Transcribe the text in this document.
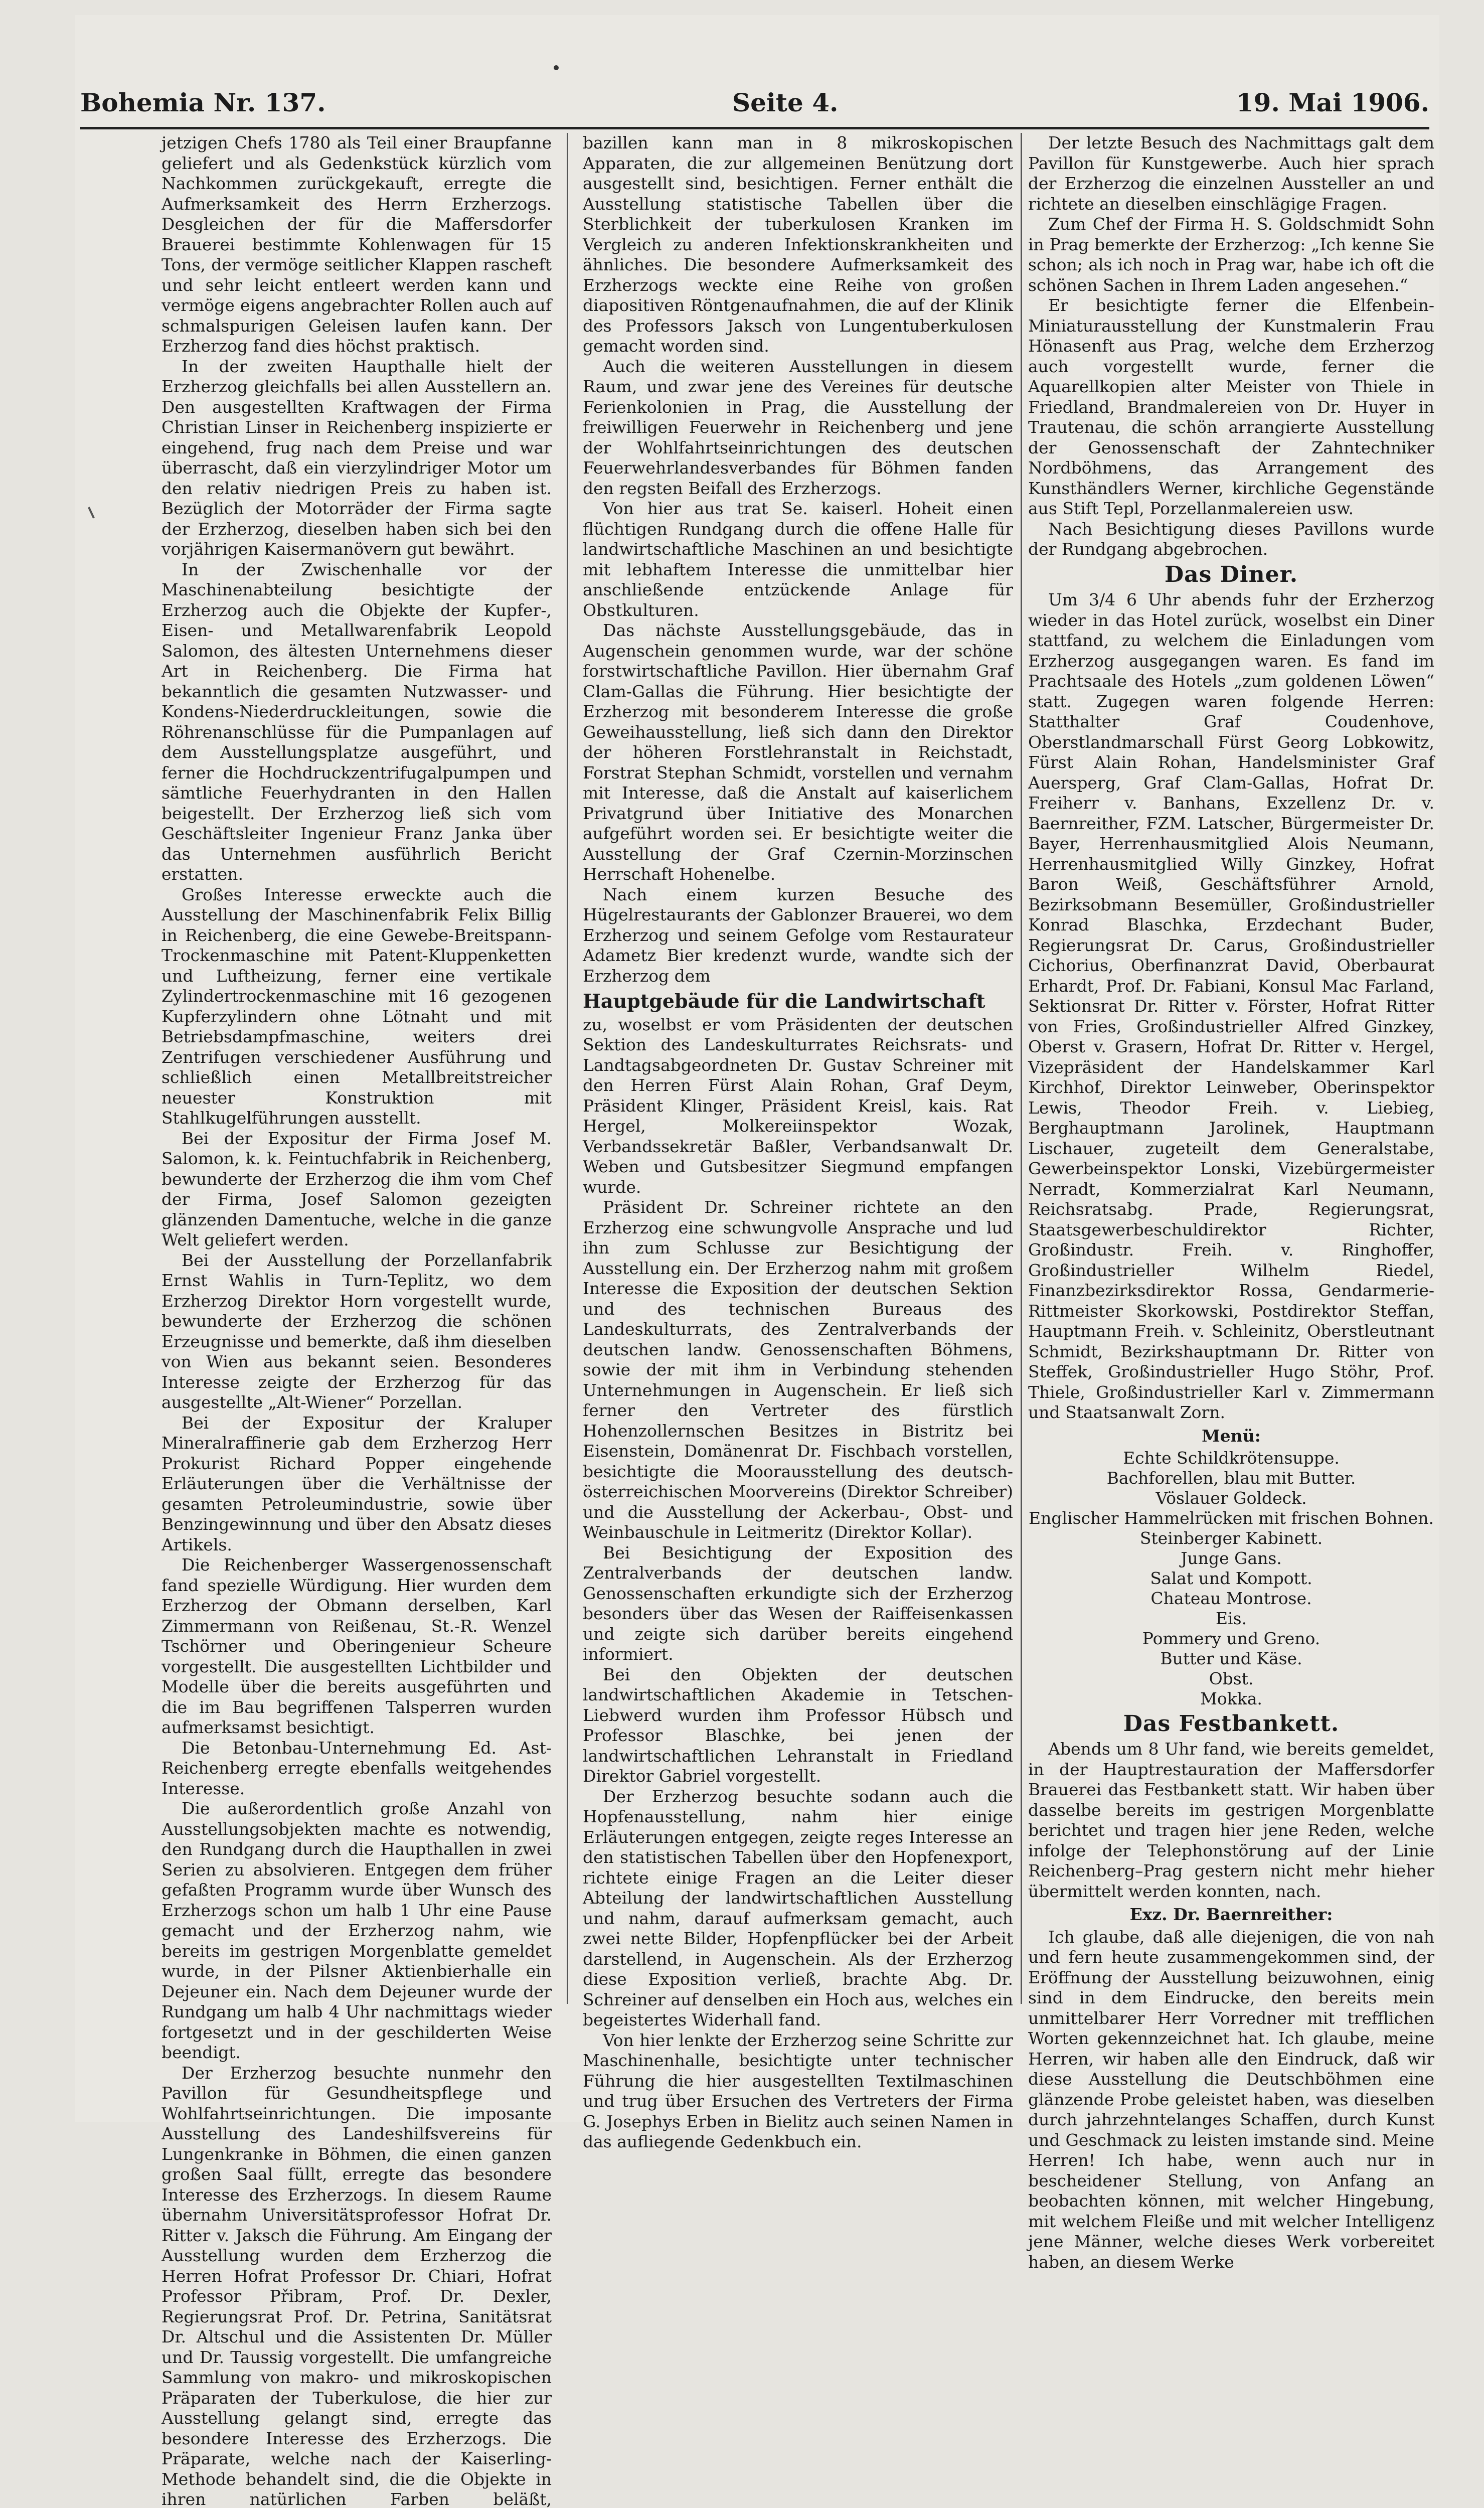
Bohemia Nr. 137.	Seite 4.	19. Mai 1906.

jetzigen Chefs 1780 als Teil einer Braupfanne geliefert und als Gedenkstück kürzlich vom Nachkommen zurückgekauft, erregte die Aufmerksamkeit des Herrn Erzherzogs. Desgleichen der für die Maffersdorfer Brauerei bestimmte Kohlenwagen für 15 Tons, der vermöge seitlicher Klappen rascheft und sehr leicht entleert werden kann und vermöge eigens angebrachter Rollen auch auf schmalspurigen Geleisen laufen kann. Der Erzherzog fand dies höchst praktisch.

In der zweiten Haupthalle hielt der Erzherzog gleichfalls bei allen Ausstellern an. Den ausgestellten Kraftwagen der Firma Christian Linser in Reichenberg inspizierte er eingehend, frug nach dem Preise und war überrascht, daß ein vierzylindriger Motor um den relativ niedrigen Preis zu haben ist. Bezüglich der Motorräder der Firma sagte der Erzherzog, dieselben haben sich bei den vorjährigen Kaisermanövern gut bewährt.

In der Zwischenhalle vor der Maschinenabteilung besichtigte der Erzherzog auch die Objekte der Kupfer-, Eisen- und Metallwarenfabrik Leopold Salomon, des ältesten Unternehmens dieser Art in Reichenberg. Die Firma hat bekanntlich die gesamten Nutzwasser- und Kondens-Niederdruckleitungen, sowie die Röhrenanschlüsse für die Pumpanlagen auf dem Ausstellungsplatze ausgeführt, und ferner die Hochdruckzentrifugalpumpen und sämtliche Feuerhydranten in den Hallen beigestellt. Der Erzherzog ließ sich vom Geschäftsleiter Ingenieur Franz Janka über das Unternehmen ausführlich Bericht erstatten.

Großes Interesse erweckte auch die Ausstellung der Maschinenfabrik Felix Billig in Reichenberg, die eine Gewebe-Breitspann-Trockenmaschine mit Patent-Kluppenketten und Luftheizung, ferner eine vertikale Zylindertrockenmaschine mit 16 gezogenen Kupferzylindern ohne Lötnaht und mit Betriebsdampfmaschine, weiters drei Zentrifugen verschiedener Ausführung und schließlich einen Metallbreitstreicher neuester Konstruktion mit Stahlkugelführungen ausstellt.

Bei der Expositur der Firma Josef M. Salomon, k. k. Feintuchfabrik in Reichenberg, bewunderte der Erzherzog die ihm vom Chef der Firma, Josef Salomon gezeigten glänzenden Damentuche, welche in die ganze Welt geliefert werden.

Bei der Ausstellung der Porzellanfabrik Ernst Wahlis in Turn-Teplitz, wo dem Erzherzog Direktor Horn vorgestellt wurde, bewunderte der Erzherzog die schönen Erzeugnisse und bemerkte, daß ihm dieselben von Wien aus bekannt seien. Besonderes Interesse zeigte der Erzherzog für das ausgestellte „Alt-Wiener“ Porzellan.

Bei der Expositur der Kraluper Mineralraffinerie gab dem Erzherzog Herr Prokurist Richard Popper eingehende Erläuterungen über die Verhältnisse der gesamten Petroleumindustrie, sowie über Benzingewinnung und über den Absatz dieses Artikels.

Die Reichenberger Wassergenossenschaft fand spezielle Würdigung. Hier wurden dem Erzherzog der Obmann derselben, Karl Zimmermann von Reißenau, St.-R. Wenzel Tschörner und Oberingenieur Scheure vorgestellt. Die ausgestellten Lichtbilder und Modelle über die bereits ausgeführten und die im Bau begriffenen Talsperren wurden aufmerksamst besichtigt.

Die Betonbau-Unternehmung Ed. Ast-Reichenberg erregte ebenfalls weitgehendes Interesse.

Die außerordentlich große Anzahl von Ausstellungsobjekten machte es notwendig, den Rundgang durch die Haupthallen in zwei Serien zu absolvieren. Entgegen dem früher gefaßten Programm wurde über Wunsch des Erzherzogs schon um halb 1 Uhr eine Pause gemacht und der Erzherzog nahm, wie bereits im gestrigen Morgenblatte gemeldet wurde, in der Pilsner Aktienbierhalle ein Dejeuner ein. Nach dem Dejeuner wurde der Rundgang um halb 4 Uhr nachmittags wieder fortgesetzt und in der geschilderten Weise beendigt.

Der Erzherzog besuchte nunmehr den Pavillon für Gesundheitspflege und Wohlfahrtseinrichtungen. Die imposante Ausstellung des Landeshilfsvereins für Lungenkranke in Böhmen, die einen ganzen großen Saal füllt, erregte das besondere Interesse des Erzherzogs. In diesem Raume übernahm Universitätsprofessor Hofrat Dr. Ritter v. Jaksch die Führung. Am Eingang der Ausstellung wurden dem Erzherzog die Herren Hofrat Professor Dr. Chiari, Hofrat Professor Přibram, Prof. Dr. Dexler, Regierungsrat Prof. Dr. Petrina, Sanitätsrat Dr. Altschul und die Assistenten Dr. Müller und Dr. Taussig vorgestellt. Die umfangreiche Sammlung von makro- und mikroskopischen Präparaten der Tuberkulose, die hier zur Ausstellung gelangt sind, erregte das besondere Interesse des Erzherzogs. Die Präparate, welche nach der Kaiserling-Methode behandelt sind, die die Objekte in ihren natürlichen Farben beläßt,

bazillen kann man in 8 mikroskopischen Apparaten, die zur allgemeinen Benützung dort ausgestellt sind, besichtigen. Ferner enthält die Ausstellung statistische Tabellen über die Sterblichkeit der tuberkulosen Kranken im Vergleich zu anderen Infektionskrankheiten und ähnliches. Die besondere Aufmerksamkeit des Erzherzogs weckte eine Reihe von großen diapositiven Röntgenaufnahmen, die auf der Klinik des Professors Jaksch von Lungentuberkulosen gemacht worden sind.

Auch die weiteren Ausstellungen in diesem Raum, und zwar jene des Vereines für deutsche Ferienkolonien in Prag, die Ausstellung der freiwilligen Feuerwehr in Reichenberg und jene der Wohlfahrtseinrichtungen des deutschen Feuerwehrlandesverbandes für Böhmen fanden den regsten Beifall des Erzherzogs.

Von hier aus trat Se. kaiserl. Hoheit einen flüchtigen Rundgang durch die offene Halle für landwirtschaftliche Maschinen an und besichtigte mit lebhaftem Interesse die unmittelbar hier anschließende entzückende Anlage für Obstkulturen.

Das nächste Ausstellungsgebäude, das in Augenschein genommen wurde, war der schöne forstwirtschaftliche Pavillon. Hier übernahm Graf Clam-Gallas die Führung. Hier besichtigte der Erzherzog mit besonderem Interesse die große Geweihausstellung, ließ sich dann den Direktor der höheren Forstlehranstalt in Reichstadt, Forstrat Stephan Schmidt, vorstellen und vernahm mit Interesse, daß die Anstalt auf kaiserlichem Privatgrund über Initiative des Monarchen aufgeführt worden sei. Er besichtigte weiter die Ausstellung der Graf Czernin-Morzinschen Herrschaft Hohenelbe.

Nach einem kurzen Besuche des Hügelrestaurants der Gablonzer Brauerei, wo dem Erzherzog und seinem Gefolge vom Restaurateur Adametz Bier kredenzt wurde, wandte sich der Erzherzog dem

Hauptgebäude für die Landwirtschaft

zu, woselbst er vom Präsidenten der deutschen Sektion des Landeskulturrates Reichsrats- und Landtagsabgeordneten Dr. Gustav Schreiner mit den Herren Fürst Alain Rohan, Graf Deym, Präsident Klinger, Präsident Kreisl, kais. Rat Hergel, Molkereiinspektor Wozak, Verbandssekretär Baßler, Verbandsanwalt Dr. Weben und Gutsbesitzer Siegmund empfangen wurde.

Präsident Dr. Schreiner richtete an den Erzherzog eine schwungvolle Ansprache und lud ihn zum Schlusse zur Besichtigung der Ausstellung ein. Der Erzherzog nahm mit großem Interesse die Exposition der deutschen Sektion und des technischen Bureaus des Landeskulturrats, des Zentralverbands der deutschen landw. Genossenschaften Böhmens, sowie der mit ihm in Verbindung stehenden Unternehmungen in Augenschein. Er ließ sich ferner den Vertreter des fürstlich Hohenzollernschen Besitzes in Bistritz bei Eisenstein, Domänenrat Dr. Fischbach vorstellen, besichtigte die Moorausstellung des deutsch-österreichischen Moorvereins (Direktor Schreiber) und die Ausstellung der Ackerbau-, Obst- und Weinbauschule in Leitmeritz (Direktor Kollar).

Bei Besichtigung der Exposition des Zentralverbands der deutschen landw. Genossenschaften erkundigte sich der Erzherzog besonders über das Wesen der Raiffeisenkassen und zeigte sich darüber bereits eingehend informiert.

Bei den Objekten der deutschen landwirtschaftlichen Akademie in Tetschen-Liebwerd wurden ihm Professor Hübsch und Professor Blaschke, bei jenen der landwirtschaftlichen Lehranstalt in Friedland Direktor Gabriel vorgestellt.

Der Erzherzog besuchte sodann auch die Hopfenausstellung, nahm hier einige Erläuterungen entgegen, zeigte reges Interesse an den statistischen Tabellen über den Hopfenexport, richtete einige Fragen an die Leiter dieser Abteilung der landwirtschaftlichen Ausstellung und nahm, darauf aufmerksam gemacht, auch zwei nette Bilder, Hopfenpflücker bei der Arbeit darstellend, in Augenschein. Als der Erzherzog diese Exposition verließ, brachte Abg. Dr. Schreiner auf denselben ein Hoch aus, welches ein begeistertes Widerhall fand.

Von hier lenkte der Erzherzog seine Schritte zur Maschinenhalle, besichtigte unter technischer Führung die hier ausgestellten Textilmaschinen und trug über Ersuchen des Vertreters der Firma G. Josephys Erben in Bielitz auch seinen Namen in das aufliegende Gedenkbuch ein.

Der letzte Besuch des Nachmittags galt dem Pavillon für Kunstgewerbe. Auch hier sprach der Erzherzog die einzelnen Aussteller an und richtete an dieselben einschlägige Fragen.

Zum Chef der Firma H. S. Goldschmidt Sohn in Prag bemerkte der Erzherzog: „Ich kenne Sie schon; als ich noch in Prag war, habe ich oft die schönen Sachen in Ihrem Laden angesehen.“

Er besichtigte ferner die Elfenbein-Miniaturausstellung der Kunstmalerin Frau Hönasenft aus Prag, welche dem Erzherzog auch vorgestellt wurde, ferner die Aquarellkopien alter Meister von Thiele in Friedland, Brandmalereien von Dr. Huyer in Trautenau, die schön arrangierte Ausstellung der Genossenschaft der Zahntechniker Nordböhmens, das Arrangement des Kunsthändlers Werner, kirchliche Gegenstände aus Stift Tepl, Porzellanmalereien usw.

Nach Besichtigung dieses Pavillons wurde der Rundgang abgebrochen.

Das Diner.

Um 3/4 6 Uhr abends fuhr der Erzherzog wieder in das Hotel zurück, woselbst ein Diner stattfand, zu welchem die Einladungen vom Erzherzog ausgegangen waren. Es fand im Prachtsaale des Hotels „zum goldenen Löwen“ statt. Zugegen waren folgende Herren: Statthalter Graf Coudenhove, Oberstlandmarschall Fürst Georg Lobkowitz, Fürst Alain Rohan, Handelsminister Graf Auersperg, Graf Clam-Gallas, Hofrat Dr. Freiherr v. Banhans, Exzellenz Dr. v. Baernreither, FZM. Latscher, Bürgermeister Dr. Bayer, Herrenhausmitglied Alois Neumann, Herrenhausmitglied Willy Ginzkey, Hofrat Baron Weiß, Geschäftsführer Arnold, Bezirksobmann Besemüller, Großindustrieller Konrad Blaschka, Erzdechant Buder, Regierungsrat Dr. Carus, Großindustrieller Cichorius, Oberfinanzrat David, Oberbaurat Erhardt, Prof. Dr. Fabiani, Konsul Mac Farland, Sektionsrat Dr. Ritter v. Förster, Hofrat Ritter von Fries, Großindustrieller Alfred Ginzkey, Oberst v. Grasern, Hofrat Dr. Ritter v. Hergel, Vizepräsident der Handelskammer Karl Kirchhof, Direktor Leinweber, Oberinspektor Lewis, Theodor Freih. v. Liebieg, Berghauptmann Jarolinek, Hauptmann Lischauer, zugeteilt dem Generalstabe, Gewerbeinspektor Lonski, Vizebürgermeister Nerradt, Kommerzialrat Karl Neumann, Reichsratsabg. Prade, Regierungsrat, Staatsgewerbeschuldirektor Richter, Großindustr. Freih. v. Ringhoffer, Großindustrieller Wilhelm Riedel, Finanzbezirksdirektor Rossa, Gendarmerie-Rittmeister Skorkowski, Postdirektor Steffan, Hauptmann Freih. v. Schleinitz, Oberstleutnant Schmidt, Bezirkshauptmann Dr. Ritter von Steffek, Großindustrieller Hugo Stöhr, Prof. Thiele, Großindustrieller Karl v. Zimmermann und Staatsanwalt Zorn.

Menü:
Echte Schildkrötensuppe.
Bachforellen, blau mit Butter.
Vöslauer Goldeck.
Englischer Hammelrücken mit frischen Bohnen.
Steinberger Kabinett.
Junge Gans.
Salat und Kompott.
Chateau Montrose.
Eis.
Pommery und Greno.
Butter und Käse.
Obst.
Mokka.
Das Festbankett.

Abends um 8 Uhr fand, wie bereits gemeldet, in der Hauptrestauration der Maffersdorfer Brauerei das Festbankett statt. Wir haben über dasselbe bereits im gestrigen Morgenblatte berichtet und tragen hier jene Reden, welche infolge der Telephonstörung auf der Linie Reichenberg–Prag gestern nicht mehr hieher übermittelt werden konnten, nach.

Exz. Dr. Baernreither:

Ich glaube, daß alle diejenigen, die von nah und fern heute zusammengekommen sind, der Eröffnung der Ausstellung beizuwohnen, einig sind in dem Eindrucke, den bereits mein unmittelbarer Herr Vorredner mit trefflichen Worten gekennzeichnet hat. Ich glaube, meine Herren, wir haben alle den Eindruck, daß wir diese Ausstellung die Deutschböhmen eine glänzende Probe geleistet haben, was dieselben durch jahrzehntelanges Schaffen, durch Kunst und Geschmack zu leisten imstande sind. Meine Herren! Ich habe, wenn auch nur in bescheidener Stellung, von Anfang an beobachten können, mit welcher Hingebung, mit welchem Fleiße und mit welcher Intelligenz jene Männer, welche dieses Werk vorbereitet haben, an diesem Werke
